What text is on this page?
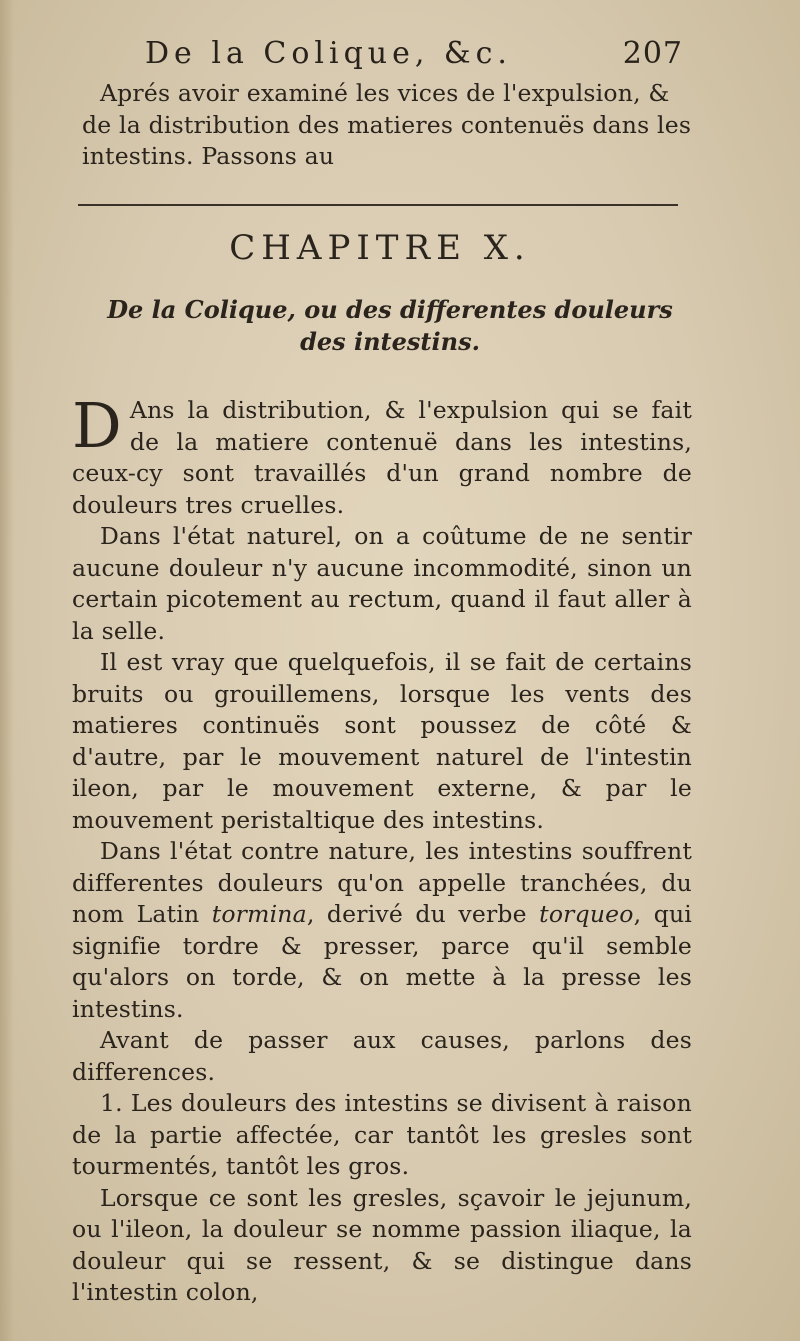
De la Colique, &c.	207
Aprés avoir examiné les vices de l'expulsion, & de la distribution des matieres contenuës dans les intestins. Passons au
CHAPITRE X.
De la Colique, ou des differentes douleurs des intestins.

D Ans la distribution, & l'expulsion qui se fait de la matiere contenuë dans les intestins, ceux-cy sont travaillés d'un grand nombre de douleurs tres cruelles.

Dans l'état naturel, on a coûtume de ne sentir aucune douleur n'y aucune incommodité, sinon un certain picotement au rectum, quand il faut aller à la selle.

Il est vray que quelquefois, il se fait de certains bruits ou grouillemens, lorsque les vents des matieres continuës sont poussez de côté & d'autre, par le mouvement naturel de l'intestin ileon, par le mouvement externe, & par le mouvement peristaltique des intestins.

Dans l'état contre nature, les intestins souffrent differentes douleurs qu'on appelle tranchées, du nom Latin tormina, derivé du verbe torqueo, qui signifie tordre & presser, parce qu'il semble qu'alors on torde, & on mette à la presse les intestins.

Avant de passer aux causes, parlons des differences.

1. Les douleurs des intestins se divisent à raison de la partie affectée, car tantôt les gresles sont tourmentés, tantôt les gros.

Lorsque ce sont les gresles, sçavoir le jejunum, ou l'ileon, la douleur se nomme passion iliaque, la douleur qui se ressent, & se distingue dans l'intestin colon,
